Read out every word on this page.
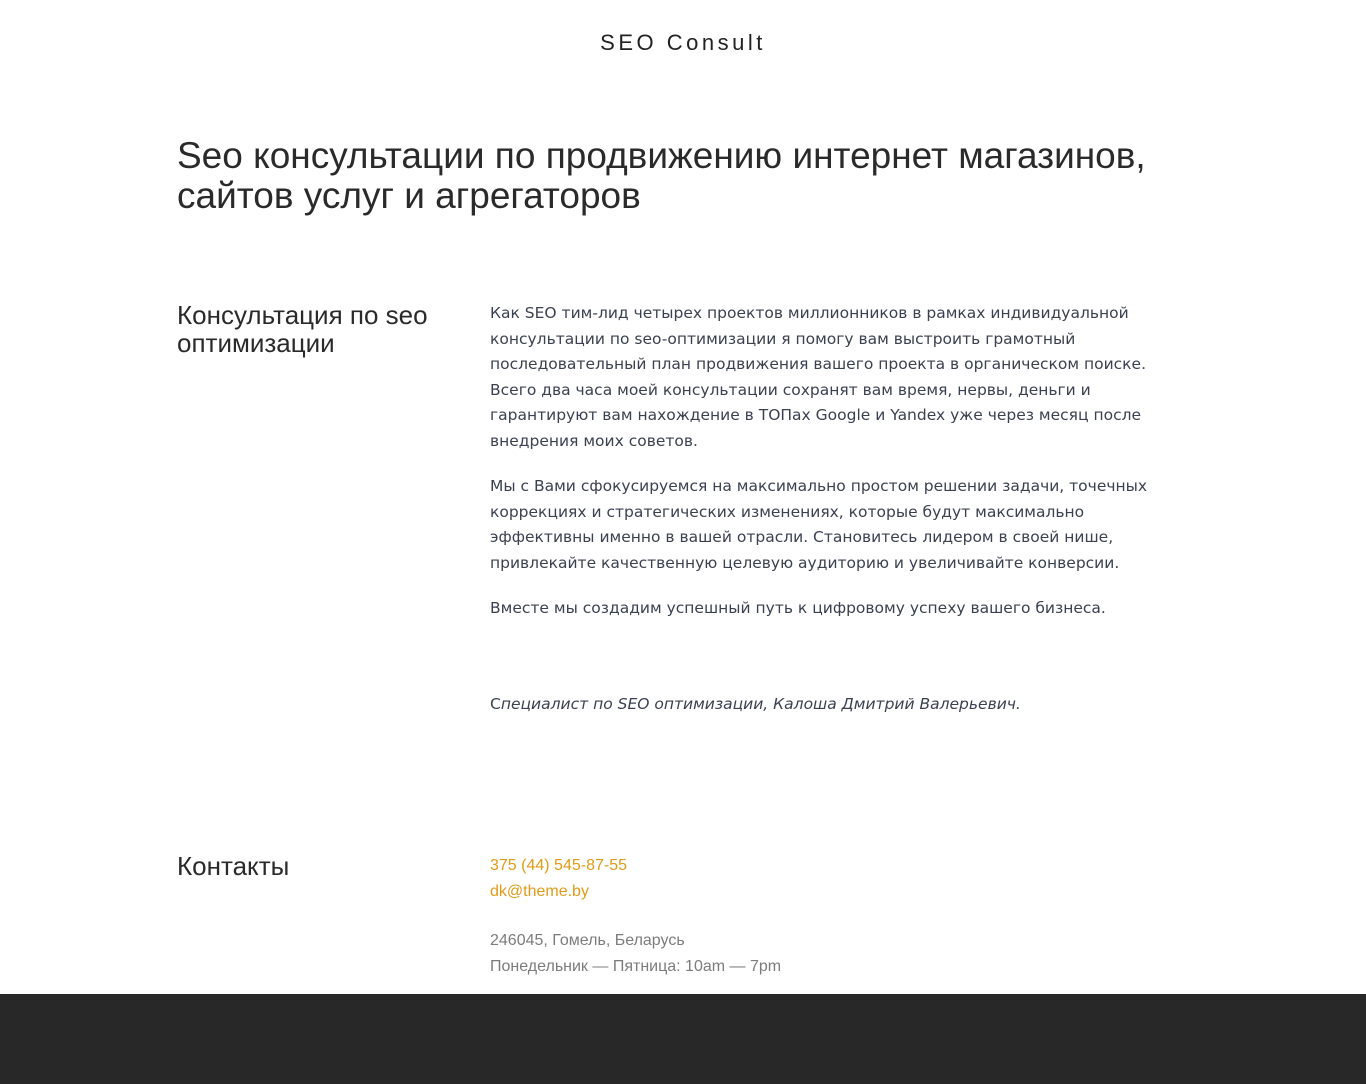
SEO Consult
Seo консультации по продвижению интернет магазинов, сайтов услуг и агрегаторов
Консультация по seo оптимизации

Как SEO тим-лид четырех проектов миллионников в рамках индивидуальной консультации по seo-оптимизации я помогу вам выстроить грамотный последовательный план продвижения вашего проекта в органическом поиске. Всего два часа моей консультации сохранят вам время, нервы, деньги и гарантируют вам нахождение в ТОПах Google и Yandex уже через месяц после внедрения моих советов.

Мы с Вами сфокусируемся на максимально простом решении задачи, точечных коррекциях и стратегических изменениях, которые будут максимально эффективны именно в вашей отрасли. Становитесь лидером в своей нише, привлекайте качественную целевую аудиторию и увеличивайте конверсии.

Вместе мы создадим успешный путь к цифровому успеху вашего бизнеса.

Специалист по SEO оптимизации, Калоша Дмитрий Валерьевич.
Контакты	375 (44) 545-87-55
dk@theme.by
246045, Гомель, Беларусь
Понедельник — Пятница: 10am — 7pm
